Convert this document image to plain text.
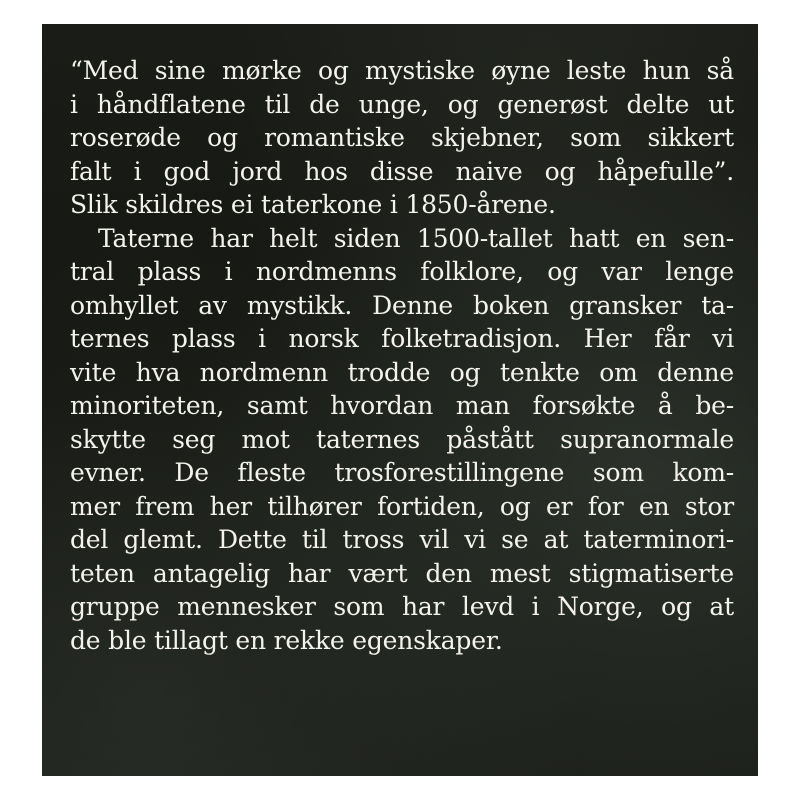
“Med sine mørke og mystiske øyne leste hun så
i håndflatene til de unge, og generøst delte ut
roserøde og romantiske skjebner, som sikkert
falt i god jord hos disse naive og håpefulle”.
Slik skildres ei taterkone i 1850-årene.
Taterne har helt siden 1500-tallet hatt en sen-
tral plass i nordmenns folklore, og var lenge
omhyllet av mystikk. Denne boken gransker ta-
ternes plass i norsk folketradisjon. Her får vi
vite hva nordmenn trodde og tenkte om denne
minoriteten, samt hvordan man forsøkte å be-
skytte seg mot taternes påstått supranormale
evner. De fleste trosforestillingene som kom-
mer frem her tilhører fortiden, og er for en stor
del glemt. Dette til tross vil vi se at taterminori-
teten antagelig har vært den mest stigmatiserte
gruppe mennesker som har levd i Norge, og at
de ble tillagt en rekke egenskaper.
